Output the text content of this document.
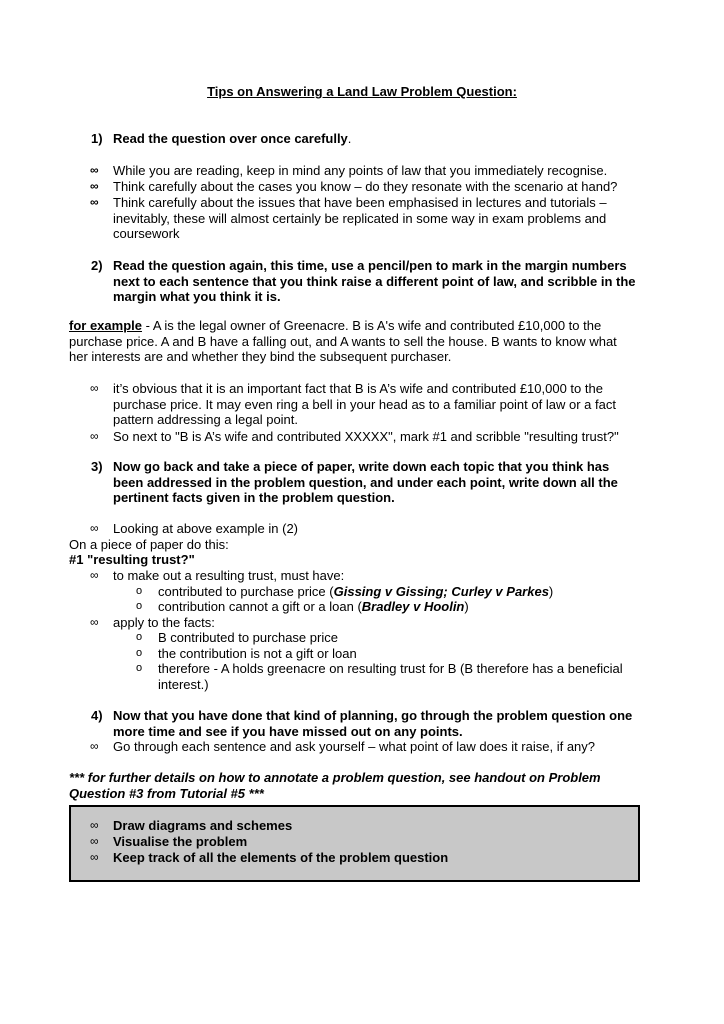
Tips on Answering a Land Law Problem Question:
1) Read the question over once carefully.
∞ While you are reading, keep in mind any points of law that you immediately recognise.
∞ Think carefully about the cases you know – do they resonate with the scenario at hand?
∞ Think carefully about the issues that have been emphasised in lectures and tutorials –
inevitably, these will almost certainly be replicated in some way in exam problems and
coursework
2) Read the question again, this time, use a pencil/pen to mark in the margin numbers
next to each sentence that you think raise a different point of law, and scribble in the
margin what you think it is.
for example - A is the legal owner of Greenacre. B is A's wife and contributed £10,000 to the
purchase price. A and B have a falling out, and A wants to sell the house. B wants to know what
her interests are and whether they bind the subsequent purchaser.
∞ it’s obvious that it is an important fact that B is A’s wife and contributed £10,000 to the
purchase price. It may even ring a bell in your head as to a familiar point of law or a fact
pattern addressing a legal point.
∞ So next to "B is A’s wife and contributed XXXXX", mark #1 and scribble "resulting trust?"
3) Now go back and take a piece of paper, write down each topic that you think has
been addressed in the problem question, and under each point, write down all the
pertinent facts given in the problem question.
∞ Looking at above example in (2)
On a piece of paper do this:
#1 "resulting trust?"
∞ to make out a resulting trust, must have:
o contributed to purchase price (Gissing v Gissing; Curley v Parkes)
o contribution cannot a gift or a loan (Bradley v Hoolin)
∞ apply to the facts:
o B contributed to purchase price
o the contribution is not a gift or loan
o therefore - A holds greenacre on resulting trust for B (B therefore has a beneficial
interest.)
4) Now that you have done that kind of planning, go through the problem question one
more time and see if you have missed out on any points.
∞ Go through each sentence and ask yourself – what point of law does it raise, if any?
*** for further details on how to annotate a problem question, see handout on Problem
Question #3 from Tutorial #5 ***
∞ Draw diagrams and schemes
∞ Visualise the problem
∞ Keep track of all the elements of the problem question
